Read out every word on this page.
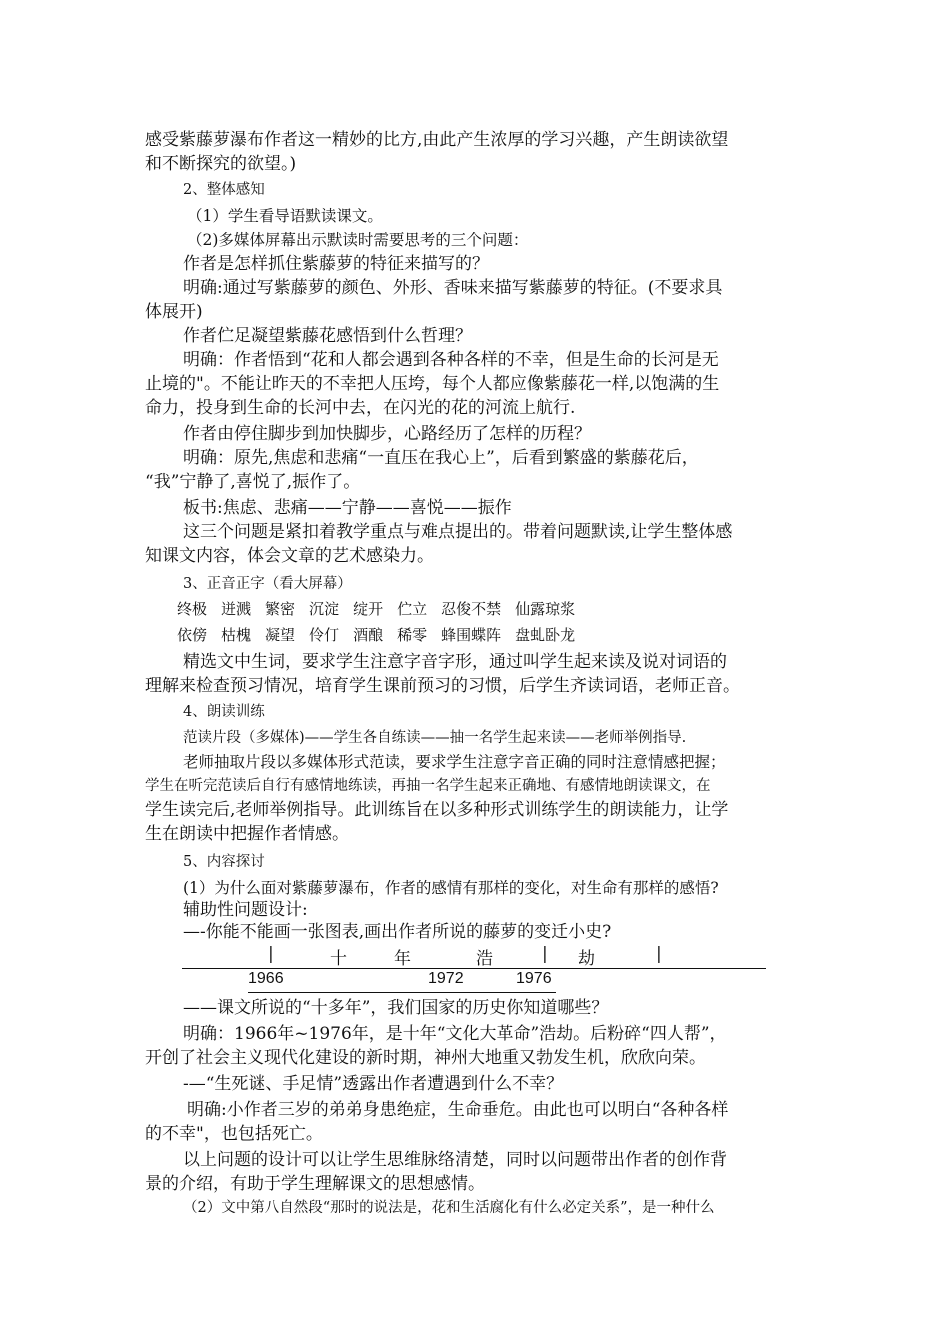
感受紫藤萝瀑布作者这一精妙的比方,由此产生浓厚的学习兴趣，产生朗读欲望
和不断探究的欲望。)
2、整体感知
（1）学生看导语默读课文。
（2)多媒体屏幕出示默读时需要思考的三个问题：
作者是怎样抓住紫藤萝的特征来描写的？
明确:通过写紫藤萝的颜色、外形、香味来描写紫藤萝的特征。(不要求具
体展开)
作者伫足凝望紫藤花感悟到什么哲理？
明确：作者悟到“花和人都会遇到各种各样的不幸，但是生命的长河是无
止境的"。不能让昨天的不幸把人压垮，每个人都应像紫藤花一样,以饱满的生
命力，投身到生命的长河中去，在闪光的花的河流上航行.
作者由停住脚步到加快脚步，心路经历了怎样的历程？
明确：原先,焦虑和悲痛“一直压在我心上”，后看到繁盛的紫藤花后，
“我”宁静了,喜悦了,振作了。
板书:焦虑、悲痛——宁静——喜悦——振作
这三个问题是紧扣着教学重点与难点提出的。带着问题默读,让学生整体感
知课文内容，体会文章的艺术感染力。
3、正音正字（看大屏幕）
终极 迸溅 繁密 沉淀 绽开 伫立 忍俊不禁 仙露琼浆
依傍 枯槐 凝望 伶仃 酒酿 稀零 蜂围蝶阵 盘虬卧龙
精选文中生词，要求学生注意字音字形，通过叫学生起来读及说对词语的
理解来检查预习情况，培育学生课前预习的习惯，后学生齐读词语，老师正音。
4、朗读训练
范读片段（多媒体)——学生各自练读——抽一名学生起来读——老师举例指导.
老师抽取片段以多媒体形式范读，要求学生注意字音正确的同时注意情感把握；
学生在听完范读后自行有感情地练读，再抽一名学生起来正确地、有感情地朗读课文，在
学生读完后,老师举例指导。此训练旨在以多种形式训练学生的朗读能力，让学
生在朗读中把握作者情感。
5、内容探讨
(1）为什么面对紫藤萝瀑布，作者的感情有那样的变化，对生命有那样的感悟?
辅助性问题设计:
—-你能不能画一张图表,画出作者所说的藤萝的变迁小史?
|	十	年	浩	| 劫	|
1966	1972	1976
——课文所说的“十多年”，我们国家的历史你知道哪些？
明确：1966年~1976年，是十年“文化大革命”浩劫。后粉碎“四人帮”，
开创了社会主义现代化建设的新时期，神州大地重又勃发生机，欣欣向荣。
-—“生死谜、手足情”透露出作者遭遇到什么不幸？
明确:小作者三岁的弟弟身患绝症，生命垂危。由此也可以明白“各种各样
的不幸"，也包括死亡。
以上问题的设计可以让学生思维脉络清楚，同时以问题带出作者的创作背
景的介绍，有助于学生理解课文的思想感情。
（2）文中第八自然段“那时的说法是，花和生活腐化有什么必定关系”，是一种什么
